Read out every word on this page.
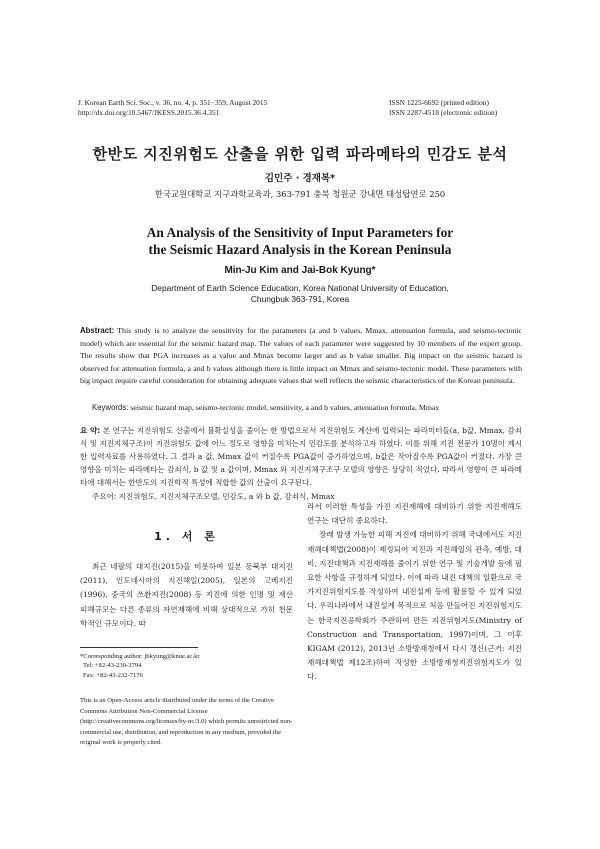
J. Korean Earth Sci. Soc., v. 36, no. 4, p. 351−359, August 2015
http://dx.doi.org/10.5467/JKESS.2015.36.4.351
ISSN 1225-6692 (printed edition)
ISSN 2287-4518 (electronic edition)
한반도 지진위험도 산출을 위한 입력 파라메타의 민감도 분석
김민주 · 경재복*
한국교원대학교 지구과학교육과, 363-791 충북 청원군 강내면 태성탑연로 250
An Analysis of the Sensitivity of Input Parameters for
the Seismic Hazard Analysis in the Korean Peninsula
Min-Ju Kim and Jai-Bok Kyung*
Department of Earth Science Education, Korea National University of Education,
Chungbuk 363-791, Korea
Abstract: This study is to analyze the sensitivity for the parameters (a and b values, Mmax, attenuation formula, and seismo-tectonic model) which are essential for the seismic hazard map. The values of each parameter were suggested by 10 members of the expert group. The results show that PGA increases as a value and Mmax become larger and as b value smaller. Big impact on the seismic hazard is observed for attenuation formula, a and b values although there is little impact on Mmax and seismo-tectonic model. These parameters with big impact require careful consideration for obtaining adequate values that well reflects the seismic characteristics of the Korean peninsula.
Keywords: seismic hazard map, seismo-tectonic model, sensitivity, a and b values, attenuation formula, Mmax
요 약: 본 연구는 지진위험도 산출에서 불확실성을 줄이는 한 방법으로서 지진위험도 계산에 입력되는 파라미터들(a, b값, Mmax, 감쇠식 및 지진지체구조)이 지진위험도 값에 어느 정도로 영향을 미치는지 민감도를 분석하고자 하였다. 이를 위해 지진 전문가 10명이 제시한 입력자료를 사용하였다. 그 결과 a 값, Mmax 값이 커질수록 PGA값이 증가하였으며, b값은 작아질수록 PGA값이 커졌다. 가장 큰 영향을 미치는 파라메타는 감쇠식, b 값 및 a 값이며, Mmax 와 지진지체구조구 모델의 영향은 상당히 적었다. 따라서 영향이 큰 파라메타에 대해서는 한반도의 지진학적 특성에 적합한 값의 산출이 요구된다.
주요어: 지진위험도, 지진지체구조모델, 민감도, a 와 b 값, 감쇠식, Mmax
1. 서 론

최근 네팔의 대지진(2015)을 비롯하여 일본 동북부 대지진(2011), 인도네시아의 지진해일(2005), 일본의 고베지진(1996), 중국의 쓰촨지진(2008) 등 지진에 의한 인명 및 재산 피해규모는 다른 종류의 자연재해에 비해 상대적으로 가히 천문학적인 규모이다. 따

*Corresponding author: jbkyung@knue.ac.kr
Tel: +82-43-230-3794
Fax: +82-43-232-7176
This is an Open-Access article distributed under the terms of the Creative Commons Attribution Non-Commercial License (http://creativecommons.org/licenses/by-nc/3.0) which permits unrestricted non-commercial use, distribution, and reproduction in any medium, provided the original work is properly cited.

라서 이러한 특성을 가진 지진재해에 대비하기 위한 지진재해도 연구는 대단히 중요하다.

장래 발생 가능한 피해 지진에 대비하기 위해 국내에서도 지진재해대책법(2008)이 제정되어 지진과 지진해일의 관측, 예방, 대비, 지진대책과 지진재해를 줄이기 위한 연구 및 기술개발 등에 필요한 사항을 규정하게 되었다. 이에 따라 내진 대책의 일환으로 국가지진위험지도를 작성하여 내진설계 등에 활용할 수 있게 되었다. 우리나라에서 내진설계 목적으로 처음 만들어진 지진위험지도는 한국지진공학회가 주관하여 만든 지진위험지도(Ministry of Construction and Transportation, 1997)이며, 그 이후 KIGAM (2012), 2013년 소방방재청에서 다시 갱신(근거: 지진재해대책법 제12조)하여 작성한 소방방재청지진위험지도가 있다.
